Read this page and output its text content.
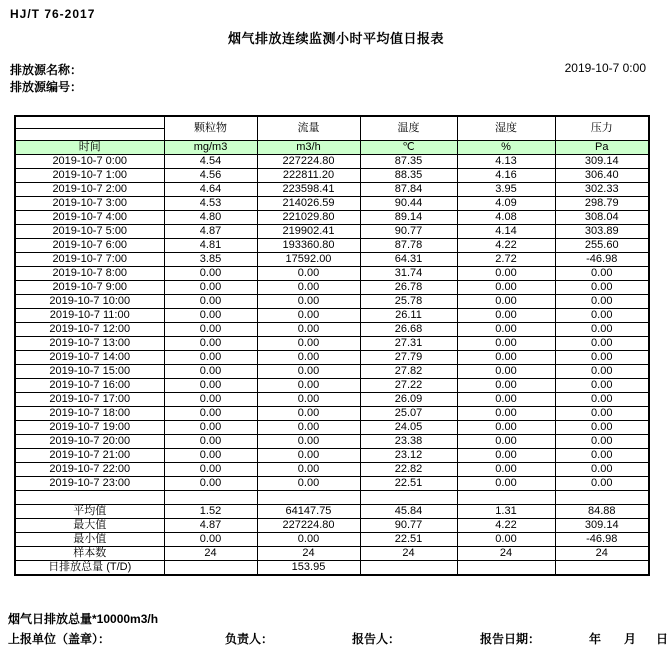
HJ/T 76-2017
烟气排放连续监测小时平均值日报表
排放源名称：	2019-10-7 0:00
排放源编号：
	颗粒物	流量	温度	湿度	压力

时间	mg/m3	m3/h	℃	%	Pa
2019-10-7 0:00	4.54	227224.80	87.35	4.13	309.14
2019-10-7 1:00	4.56	222811.20	88.35	4.16	306.40
2019-10-7 2:00	4.64	223598.41	87.84	3.95	302.33
2019-10-7 3:00	4.53	214026.59	90.44	4.09	298.79
2019-10-7 4:00	4.80	221029.80	89.14	4.08	308.04
2019-10-7 5:00	4.87	219902.41	90.77	4.14	303.89
2019-10-7 6:00	4.81	193360.80	87.78	4.22	255.60
2019-10-7 7:00	3.85	17592.00	64.31	2.72	-46.98
2019-10-7 8:00	0.00	0.00	31.74	0.00	0.00
2019-10-7 9:00	0.00	0.00	26.78	0.00	0.00
2019-10-7 10:00	0.00	0.00	25.78	0.00	0.00
2019-10-7 11:00	0.00	0.00	26.11	0.00	0.00
2019-10-7 12:00	0.00	0.00	26.68	0.00	0.00
2019-10-7 13:00	0.00	0.00	27.31	0.00	0.00
2019-10-7 14:00	0.00	0.00	27.79	0.00	0.00
2019-10-7 15:00	0.00	0.00	27.82	0.00	0.00
2019-10-7 16:00	0.00	0.00	27.22	0.00	0.00
2019-10-7 17:00	0.00	0.00	26.09	0.00	0.00
2019-10-7 18:00	0.00	0.00	25.07	0.00	0.00
2019-10-7 19:00	0.00	0.00	24.05	0.00	0.00
2019-10-7 20:00	0.00	0.00	23.38	0.00	0.00
2019-10-7 21:00	0.00	0.00	23.12	0.00	0.00
2019-10-7 22:00	0.00	0.00	22.82	0.00	0.00
2019-10-7 23:00	0.00	0.00	22.51	0.00	0.00

平均值	1.52	64147.75	45.84	1.31	84.88
最大值	4.87	227224.80	90.77	4.22	309.14
最小值	0.00	0.00	22.51	0.00	-46.98
样本数	24	24	24	24	24
日排放总量 (T/D)		153.95			
烟气日排放总量*10000m3/h
上报单位（盖章）：	负责人：	报告人：	报告日期：	年 月 日
